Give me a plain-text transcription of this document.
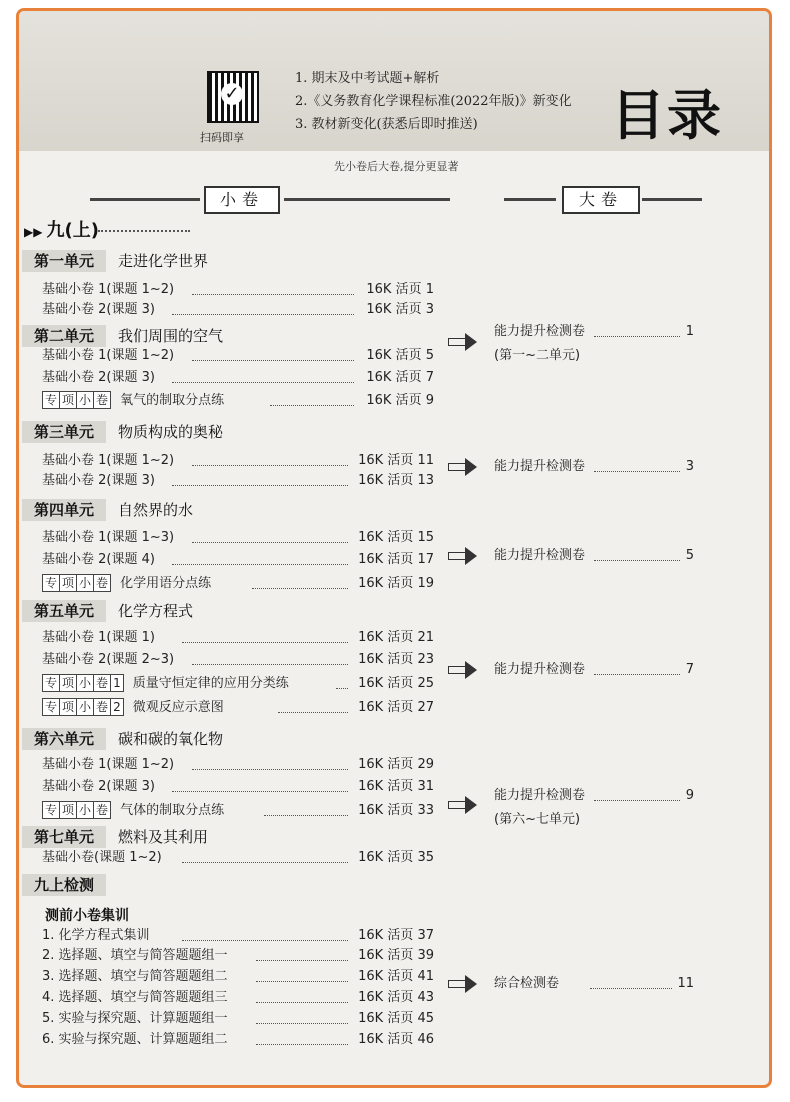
✓
扫码即享
1. 期末及中考试题+解析
2.《义务教育化学课程标准(2022年版)》新变化
3. 教材新变化(获悉后即时推送)	目录
先小卷后大卷,提分更显著
小卷	大卷
▶▶ 九(上)
第一单元 走进化学世界
基础小卷 1(课题 1~2)	16K 活页 1
基础小卷 2(课题 3)	16K 活页 3
第二单元 我们周围的空气
基础小卷 1(课题 1~2)	16K 活页 5
基础小卷 2(课题 3)	16K 活页 7
专 项 小 卷 氧气的制取分点练	16K 活页 9
能力提升检测卷	1
(第一~二单元)
第三单元 物质构成的奥秘
基础小卷 1(课题 1~2)	16K 活页 11
基础小卷 2(课题 3)	16K 活页 13
能力提升检测卷	3
第四单元 自然界的水
基础小卷 1(课题 1~3)	16K 活页 15
基础小卷 2(课题 4)	16K 活页 17
专 项 小 卷 化学用语分点练	16K 活页 19
能力提升检测卷	5
第五单元 化学方程式
基础小卷 1(课题 1)	16K 活页 21
基础小卷 2(课题 2~3)	16K 活页 23
专 项 小 卷 1 质量守恒定律的应用分类练	16K 活页 25
专 项 小 卷 2 微观反应示意图	16K 活页 27
能力提升检测卷	7
第六单元 碳和碳的氧化物
基础小卷 1(课题 1~2)	16K 活页 29
基础小卷 2(课题 3)	16K 活页 31
专 项 小 卷 气体的制取分点练	16K 活页 33
能力提升检测卷	9
(第六~七单元)
第七单元 燃料及其利用
基础小卷(课题 1~2)	16K 活页 35
九上检测
测前小卷集训
1. 化学方程式集训	16K 活页 37
2. 选择题、填空与简答题题组一	16K 活页 39
3. 选择题、填空与简答题题组二	16K 活页 41
4. 选择题、填空与简答题题组三	16K 活页 43
5. 实验与探究题、计算题题组一	16K 活页 45
6. 实验与探究题、计算题题组二	16K 活页 46
综合检测卷	11
